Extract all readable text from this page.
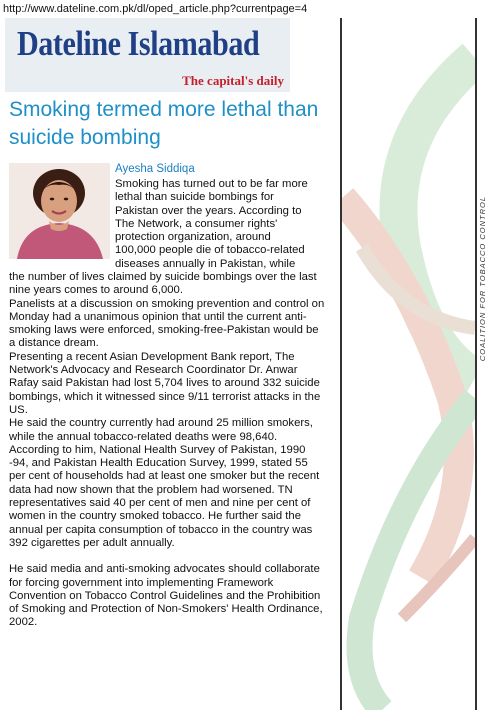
http://www.dateline.com.pk/dl/oped_article.php?currentpage=4
Dateline Islamabad
The capital's daily
Smoking termed more lethal than suicide bombing
Ayesha Siddiqa
Smoking has turned out to be far more
lethal than suicide bombings for
Pakistan over the years. According to
The Network, a consumer rights'
protection organization, around
100,000 people die of tobacco-related
diseases annually in Pakistan, while

the number of lives claimed by suicide bombings over the last nine years comes to around 6,000.

Panelists at a discussion on smoking prevention and control on Monday had a unanimous opinion that until the current anti-smoking laws were enforced, smoking-free-Pakistan would be a distance dream.

Presenting a recent Asian Development Bank report, The Network's Advocacy and Research Coordinator Dr. Anwar Rafay said Pakistan had lost 5,704 lives to around 332 suicide bombings, which it witnessed since 9/11 terrorist attacks in the US.

He said the country currently had around 25 million smokers, while the annual tobacco-related deaths were 98,640.

According to him, National Health Survey of Pakistan, 1990 -94, and Pakistan Health Education Survey, 1999, stated 55 per cent of households had at least one smoker but the recent data had now shown that the problem had worsened. TN representatives said 40 per cent of men and nine per cent of women in the country smoked tobacco. He further said the annual per capita consumption of tobacco in the country was 392 cigarettes per adult annually.

He said media and anti-smoking advocates should collaborate for forcing government into implementing Framework Convention on Tobacco Control Guidelines and the Prohibition of Smoking and Protection of Non-Smokers' Health Ordinance, 2002.

COALITION FOR TOBACCO CONTROL
